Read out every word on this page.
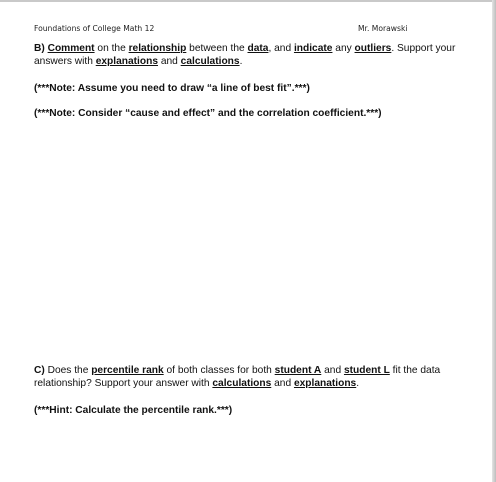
Foundations of College Math 12	Mr. Morawski
B) Comment on the relationship between the data, and indicate any outliers. Support your answers with explanations and calculations.
(***Note: Assume you need to draw “a line of best fit”.***)
(***Note: Consider “cause and effect” and the correlation coefficient.***)
C) Does the percentile rank of both classes for both student A and student L fit the data relationship? Support your answer with calculations and explanations.
(***Hint: Calculate the percentile rank.***)
